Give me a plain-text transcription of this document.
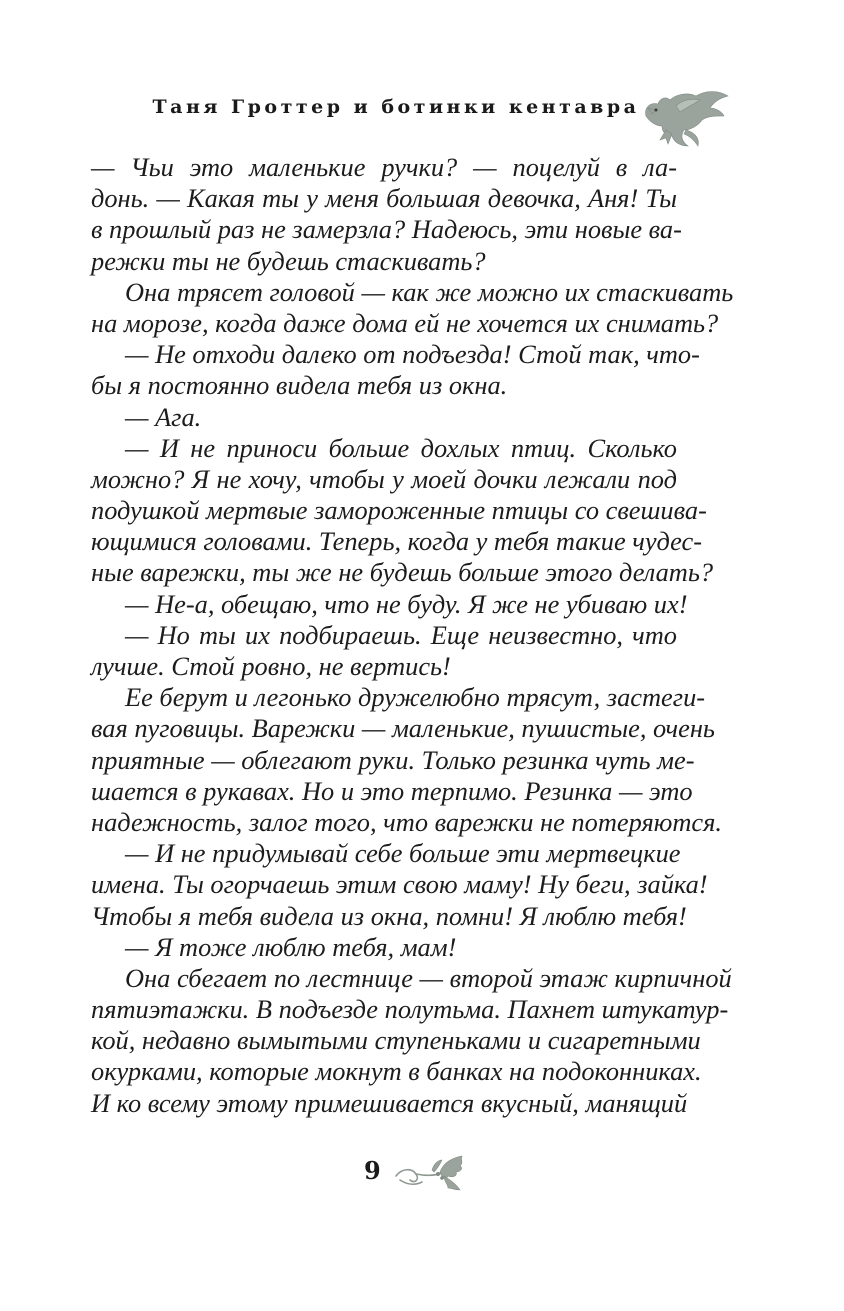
Таня Гроттер и ботинки кентавра
— Чьи это маленькие ручки? — поцелуй в ла-
донь. — Какая ты у меня большая девочка, Аня! Ты
в прошлый раз не замерзла? Надеюсь, эти новые ва-
режки ты не будешь стаскивать?
Она трясет головой — как же можно их стаскивать
на морозе, когда даже дома ей не хочется их снимать?
— Не отходи далеко от подъезда! Стой так, что-
бы я постоянно видела тебя из окна.
— Ага.
— И не приноси больше дохлых птиц. Сколько
можно? Я не хочу, чтобы у моей дочки лежали под
подушкой мертвые замороженные птицы со свешива-
ющимися головами. Теперь, когда у тебя такие чудес-
ные варежки, ты же не будешь больше этого делать?
— Не-а, обещаю, что не буду. Я же не убиваю их!
— Но ты их подбираешь. Еще неизвестно, что
лучше. Стой ровно, не вертись!
Ее берут и легонько дружелюбно трясут, застеги-
вая пуговицы. Варежки — маленькие, пушистые, очень
приятные — облегают руки. Только резинка чуть ме-
шается в рукавах. Но и это терпимо. Резинка — это
надежность, залог того, что варежки не потеряются.
— И не придумывай себе больше эти мертвецкие
имена. Ты огорчаешь этим свою маму! Ну беги, зайка!
Чтобы я тебя видела из окна, помни! Я люблю тебя!
— Я тоже люблю тебя, мам!
Она сбегает по лестнице — второй этаж кирпичной
пятиэтажки. В подъезде полутьма. Пахнет штукатур-
кой, недавно вымытыми ступеньками и сигаретными
окурками, которые мокнут в банках на подоконниках.
И ко всему этому примешивается вкусный, манящий
9
